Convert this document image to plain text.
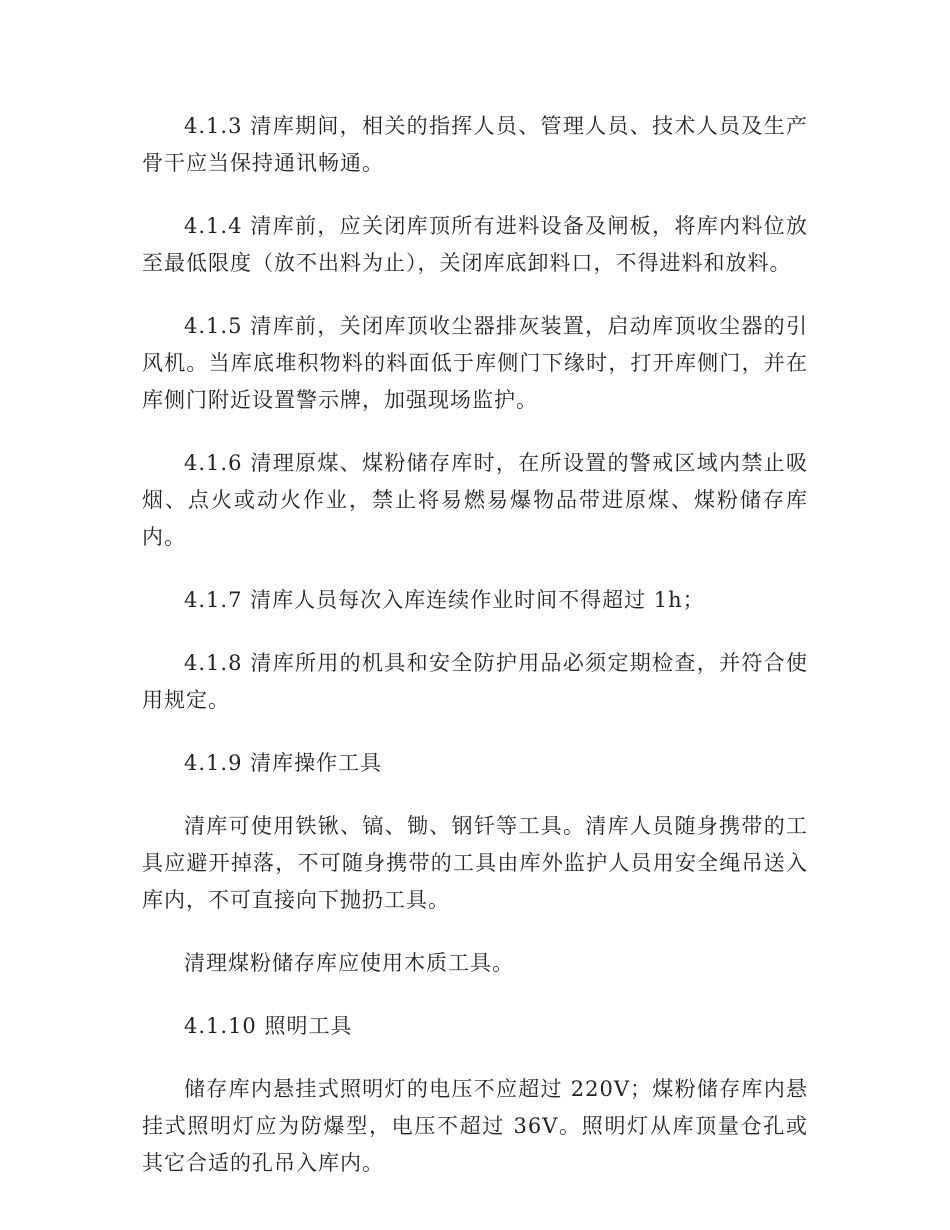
4.1.3 清库期间，相关的指挥人员、管理人员、技术人员及生产骨干应当保持通讯畅通。

4.1.4 清库前，应关闭库顶所有进料设备及闸板，将库内料位放至最低限度（放不出料为止），关闭库底卸料口，不得进料和放料。

4.1.5 清库前，关闭库顶收尘器排灰装置，启动库顶收尘器的引风机。当库底堆积物料的料面低于库侧门下缘时，打开库侧门，并在库侧门附近设置警示牌，加强现场监护。

4.1.6 清理原煤、煤粉储存库时，在所设置的警戒区域内禁止吸烟、点火或动火作业，禁止将易燃易爆物品带进原煤、煤粉储存库内。

4.1.7 清库人员每次入库连续作业时间不得超过 1h；

4.1.8 清库所用的机具和安全防护用品必须定期检查，并符合使用规定。

4.1.9 清库操作工具

清库可使用铁锹、镐、锄、钢钎等工具。清库人员随身携带的工具应避开掉落，不可随身携带的工具由库外监护人员用安全绳吊送入库内，不可直接向下抛扔工具。

清理煤粉储存库应使用木质工具。

4.1.10 照明工具

储存库内悬挂式照明灯的电压不应超过 220V；煤粉储存库内悬挂式照明灯应为防爆型，电压不超过 36V。照明灯从库顶量仓孔或其它合适的孔吊入库内。
